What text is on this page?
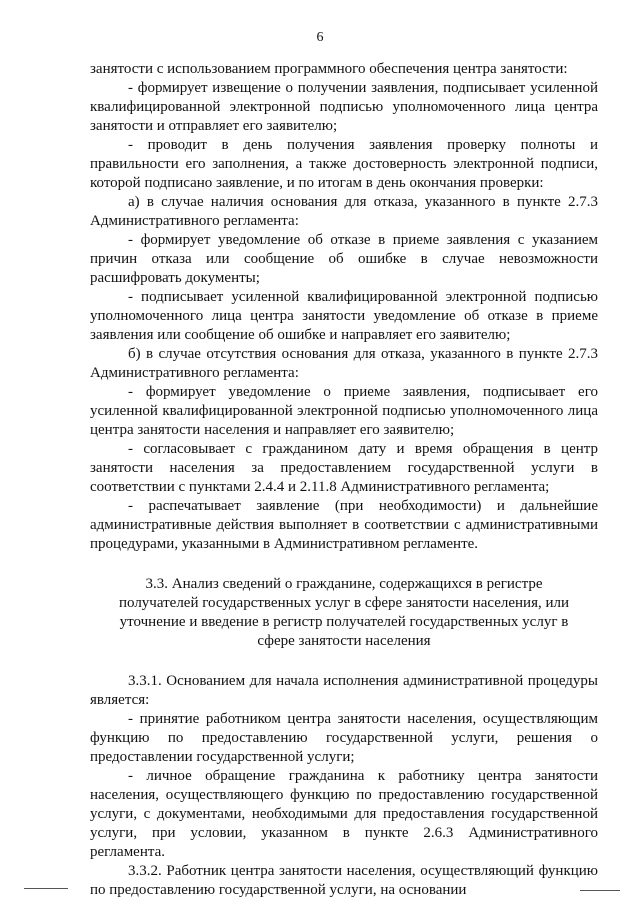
6

занятости с использованием программного обеспечения центра занятости:

- формирует извещение о получении заявления, подписывает усиленной квалифицированной электронной подписью уполномоченного лица центра занятости и отправляет его заявителю;

- проводит в день получения заявления проверку полноты и правильности его заполнения, а также достоверность электронной подписи, которой подписано заявление, и по итогам в день окончания проверки:

а) в случае наличия основания для отказа, указанного в пункте 2.7.3 Административного регламента:

- формирует уведомление об отказе в приеме заявления с указанием причин отказа или сообщение об ошибке в случае невозможности расшифровать документы;

- подписывает усиленной квалифицированной электронной подписью уполномоченного лица центра занятости уведомление об отказе в приеме заявления или сообщение об ошибке и направляет его заявителю;

б) в случае отсутствия основания для отказа, указанного в пункте 2.7.3 Административного регламента:

- формирует уведомление о приеме заявления, подписывает его усиленной квалифицированной электронной подписью уполномоченного лица центра занятости населения и направляет его заявителю;

- согласовывает с гражданином дату и время обращения в центр занятости населения за предоставлением государственной услуги в соответствии с пунктами 2.4.4 и 2.11.8 Административного регламента;

- распечатывает заявление (при необходимости) и дальнейшие административные действия выполняет в соответствии с административными процедурами, указанными в Административном регламенте.

3.3. Анализ сведений о гражданине, содержащихся в регистре получателей государственных услуг в сфере занятости населения, или уточнение и введение в регистр получателей государственных услуг в сфере занятости населения

3.3.1. Основанием для начала исполнения административной процедуры является:

- принятие работником центра занятости населения, осуществляющим функцию по предоставлению государственной услуги, решения о предоставлении государственной услуги;

- личное обращение гражданина к работнику центра занятости населения, осуществляющего функцию по предоставлению государственной услуги, с документами, необходимыми для предоставления государственной услуги, при условии, указанном в пункте 2.6.3 Административного регламента.

3.3.2. Работник центра занятости населения, осуществляющий функцию по предоставлению государственной услуги, на основании
